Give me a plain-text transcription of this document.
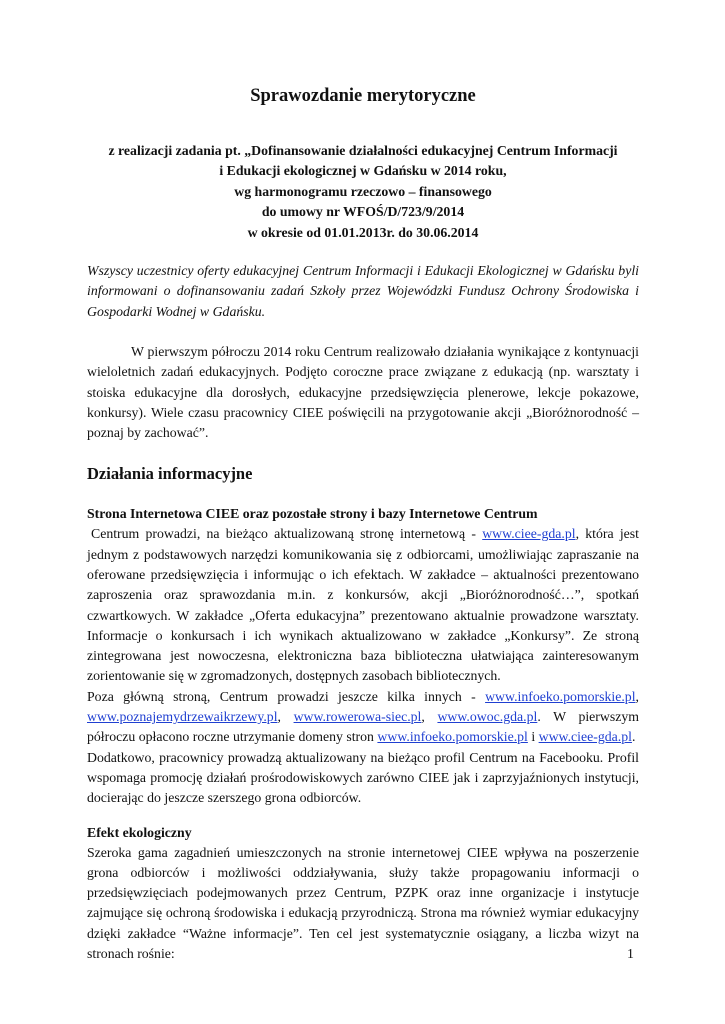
Sprawozdanie merytoryczne
z realizacji zadania pt. „Dofinansowanie działalności edukacyjnej Centrum Informacji
i Edukacji ekologicznej w Gdańsku w 2014 roku,
wg harmonogramu rzeczowo – finansowego
do umowy nr WFOŚ/D/723/9/2014
w okresie od 01.01.2013r. do 30.06.2014

Wszyscy uczestnicy oferty edukacyjnej Centrum Informacji i Edukacji Ekologicznej w Gdańsku byli informowani o dofinansowaniu zadań Szkoły przez Wojewódzki Fundusz Ochrony Środowiska i Gospodarki Wodnej w Gdańsku.

W pierwszym półroczu 2014 roku Centrum realizowało działania wynikające z kontynuacji wieloletnich zadań edukacyjnych. Podjęto coroczne prace związane z edukacją (np. warsztaty i stoiska edukacyjne dla dorosłych, edukacyjne przedsięwzięcia plenerowe, lekcje pokazowe, konkursy). Wiele czasu pracownicy CIEE poświęcili na przygotowanie akcji „Bioróżnorodność – poznaj by zachować”.

Działania informacyjne
Strona Internetowa CIEE oraz pozostałe strony i bazy Internetowe Centrum

Centrum prowadzi, na bieżąco aktualizowaną stronę internetową - www.ciee-gda.pl, która jest jednym z podstawowych narzędzi komunikowania się z odbiorcami, umożliwiając zapraszanie na oferowane przedsięwzięcia i informując o ich efektach. W zakładce – aktualności prezentowano zaproszenia oraz sprawozdania m.in. z konkursów, akcji „Bioróżnorodność…”, spotkań czwartkowych. W zakładce „Oferta edukacyjna” prezentowano aktualnie prowadzone warsztaty. Informacje o konkursach i ich wynikach aktualizowano w zakładce „Konkursy”. Ze stroną zintegrowana jest nowoczesna, elektroniczna baza biblioteczna ułatwiająca zainteresowanym zorientowanie się w zgromadzonych, dostępnych zasobach bibliotecznych.

Poza główną stroną, Centrum prowadzi jeszcze kilka innych - www.infoeko.pomorskie.pl, www.poznajemydrzewaikrzewy.pl, www.rowerowa-siec.pl, www.owoc.gda.pl. W pierwszym półroczu opłacono roczne utrzymanie domeny stron www.infoeko.pomorskie.pl i www.ciee-gda.pl.

Dodatkowo, pracownicy prowadzą aktualizowany na bieżąco profil Centrum na Facebooku. Profil wspomaga promocję działań prośrodowiskowych zarówno CIEE jak i zaprzyjaźnionych instytucji, docierając do jeszcze szerszego grona odbiorców.

Efekt ekologiczny

Szeroka gama zagadnień umieszczonych na stronie internetowej CIEE wpływa na poszerzenie grona odbiorców i możliwości oddziaływania, służy także propagowaniu informacji o przedsięwzięciach podejmowanych przez Centrum, PZPK oraz inne organizacje i instytucje zajmujące się ochroną środowiska i edukacją przyrodniczą. Strona ma również wymiar edukacyjny dzięki zakładce “Ważne informacje”. Ten cel jest systematycznie osiągany, a liczba wizyt na stronach rośnie:	1
